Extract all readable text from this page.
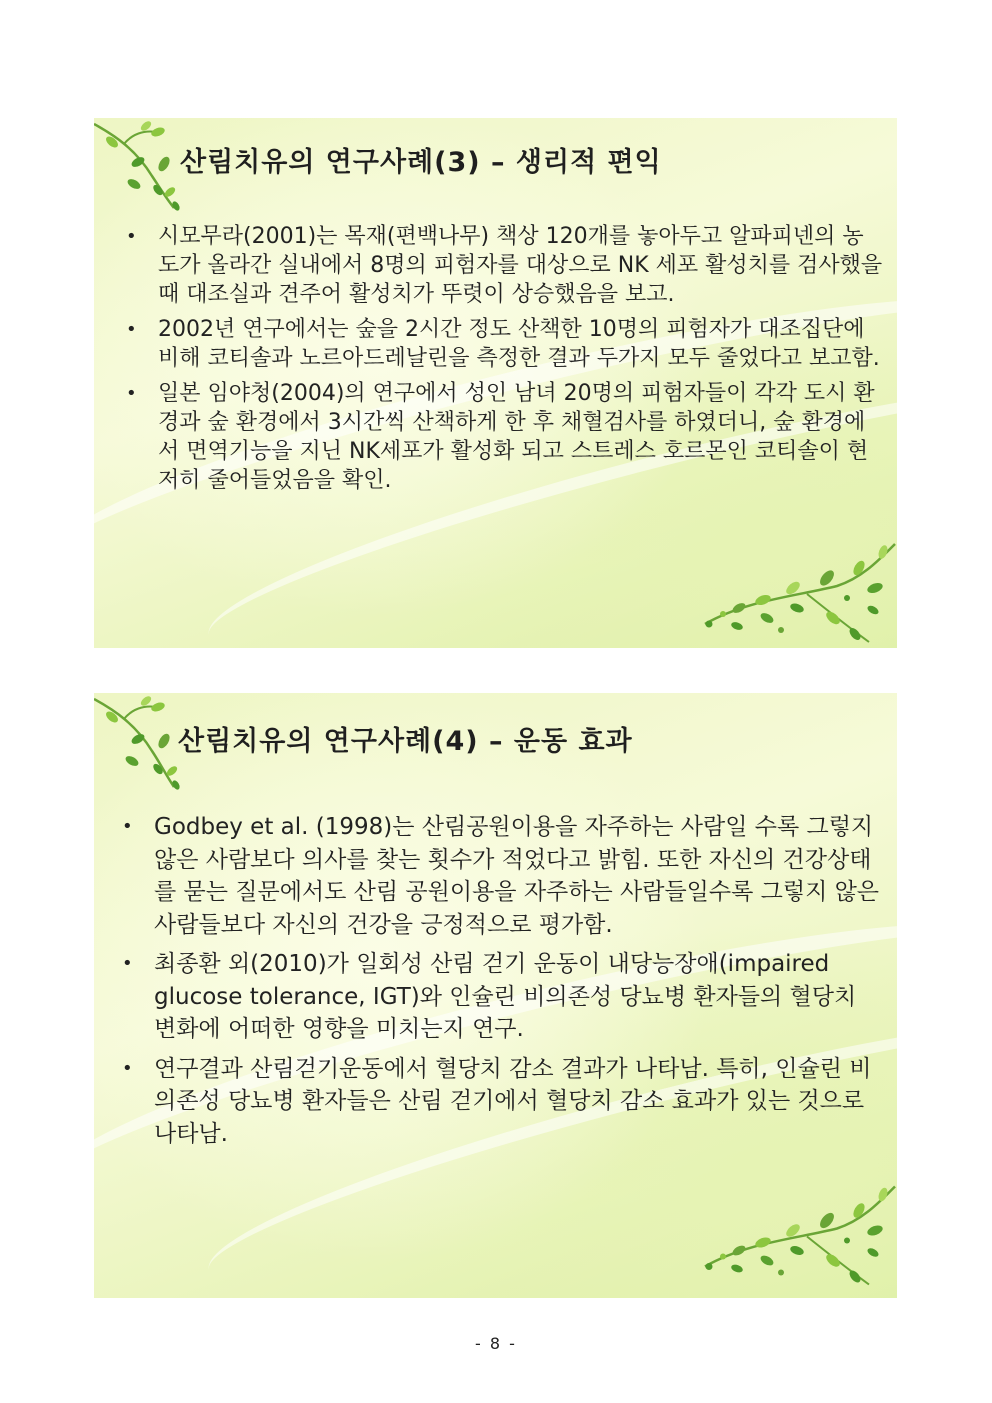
산림치유의 연구사례(3) – 생리적 편익
• 시모무라(2001)는 목재(편백나무) 책상 120개를 놓아두고 알파피넨의 농도가 올라간 실내에서 8명의 피험자를 대상으로 NK 세포 활성치를 검사했을 때 대조실과 견주어 활성치가 뚜렷이 상승했음을 보고.
• 2002년 연구에서는 숲을 2시간 정도 산책한 10명의 피험자가 대조집단에 비해 코티솔과 노르아드레날린을 측정한 결과 두가지 모두 줄었다고 보고함.
• 일본 임야청(2004)의 연구에서 성인 남녀 20명의 피험자들이 각각 도시 환경과 숲 환경에서 3시간씩 산책하게 한 후 채혈검사를 하였더니, 숲 환경에서 면역기능을 지닌 NK세포가 활성화 되고 스트레스 호르몬인 코티솔이 현저히 줄어들었음을 확인.
산림치유의 연구사례(4) – 운동 효과
• Godbey et al. (1998)는 산림공원이용을 자주하는 사람일 수록 그렇지 않은 사람보다 의사를 찾는 횟수가 적었다고 밝힘. 또한 자신의 건강상태를 묻는 질문에서도 산림 공원이용을 자주하는 사람들일수록 그렇지 않은 사람들보다 자신의 건강을 긍정적으로 평가함.
• 최종환 외(2010)가 일회성 산림 걷기 운동이 내당능장애(impaired glucose tolerance, IGT)와 인슐린 비의존성 당뇨병 환자들의 혈당치 변화에 어떠한 영향을 미치는지 연구.
• 연구결과 산림걷기운동에서 혈당치 감소 결과가 나타남. 특히, 인슐린 비의존성 당뇨병 환자들은 산림 걷기에서 혈당치 감소 효과가 있는 것으로 나타남.
- 8 -
